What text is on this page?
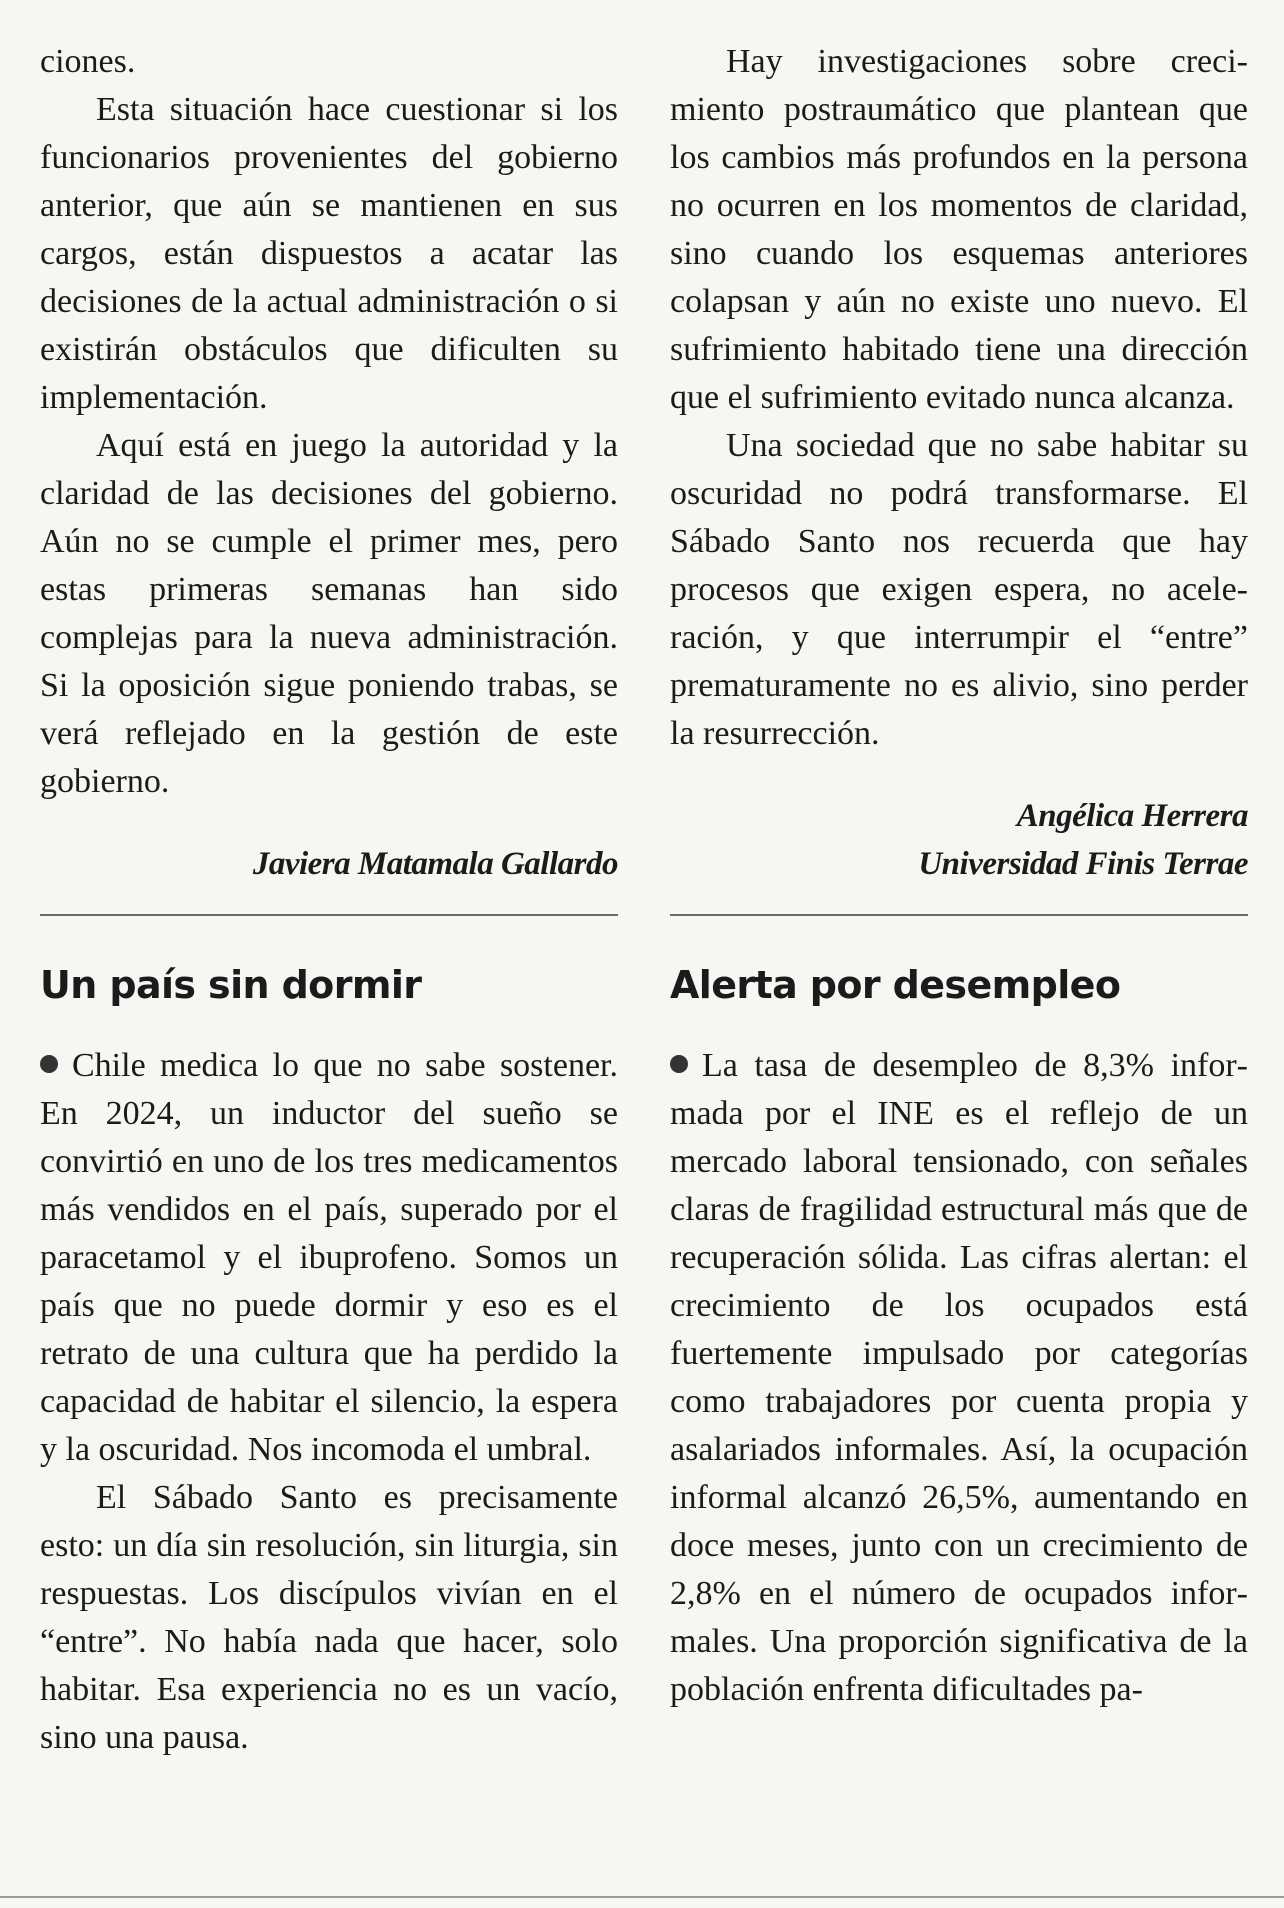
ciones.

Esta situación hace cuestionar si los funcionarios provenientes del gobierno anterior, que aún se mantienen en sus cargos, están dispuestos a acatar las decisiones de la actual administración o si existirán obstáculos que dificulten su implementación.

Aquí está en juego la autoridad y la claridad de las decisiones del gobierno. Aún no se cumple el primer mes, pero estas primeras semanas han sido complejas para la nueva administración. Si la oposición sigue poniendo trabas, se verá reflejado en la gestión de este gobierno.

Javiera Matamala Gallardo

Un país sin dormir

Chile medica lo que no sabe sostener. En 2024, un inductor del sueño se convirtió en uno de los tres medicamentos más vendidos en el país, superado por el paracetamol y el ibuprofeno. Somos un país que no puede dormir y eso es el retrato de una cultura que ha perdido la capacidad de habitar el silencio, la espera y la oscuridad. Nos incomoda el umbral.

El Sábado Santo es precisamente esto: un día sin resolución, sin liturgia, sin respuestas. Los discípulos vivían en el “entre”. No había nada que hacer, solo habitar. Esa experiencia no es un vacío, sino una pausa.

Hay investigaciones sobre crecimiento postraumático que plantean que los cambios más profundos en la persona no ocurren en los momentos de claridad, sino cuando los esquemas anteriores colapsan y aún no existe uno nuevo. El sufrimiento habitado tiene una dirección que el sufrimiento evitado nunca alcanza.

Una sociedad que no sabe habitar su oscuridad no podrá transformarse. El Sábado Santo nos recuerda que hay procesos que exigen espera, no aceleración, y que interrumpir el “entre” prematuramente no es alivio, sino perder la resurrección.

Angélica Herrera

Universidad Finis Terrae

Alerta por desempleo

La tasa de desempleo de 8,3% informada por el INE es el reflejo de un mercado laboral tensionado, con señales claras de fragilidad estructural más que de recuperación sólida. Las cifras alertan: el crecimiento de los ocupados está fuertemente impulsado por categorías como trabajadores por cuenta propia y asalariados informales. Así, la ocupación informal alcanzó 26,5%, aumentando en doce meses, junto con un crecimiento de 2,8% en el número de ocupados informales. Una proporción significativa de la población enfrenta dificultades pa-
